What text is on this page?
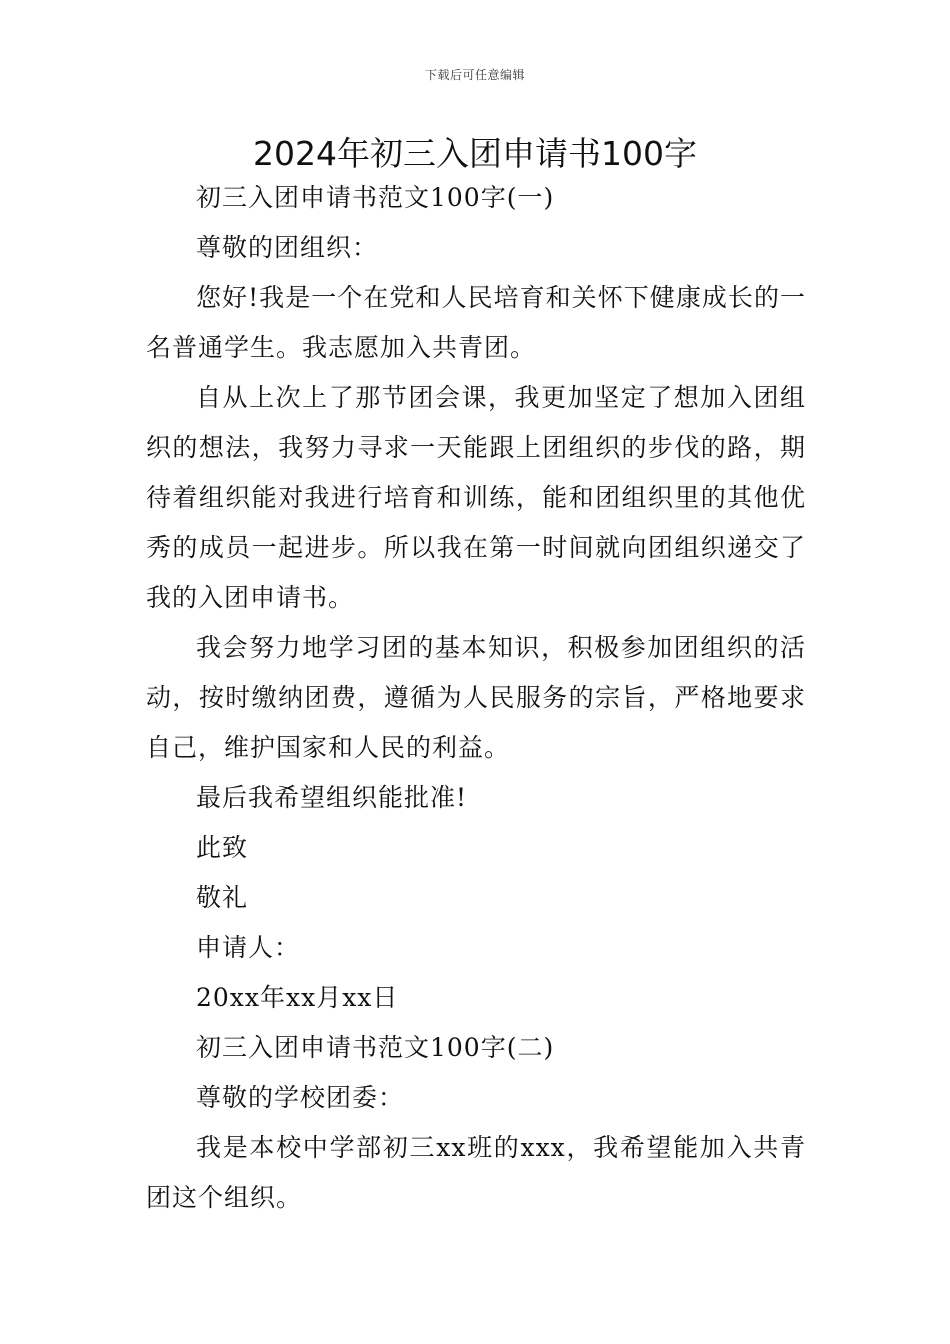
下载后可任意编辑
2024年初三入团申请书100字

初三入团申请书范文100字(一)

尊敬的团组织：

您好!我是一个在党和人民培育和关怀下健康成长的一名普通学生。我志愿加入共青团。

自从上次上了那节团会课，我更加坚定了想加入团组织的想法，我努力寻求一天能跟上团组织的步伐的路，期待着组织能对我进行培育和训练，能和团组织里的其他优秀的成员一起进步。所以我在第一时间就向团组织递交了我的入团申请书。

我会努力地学习团的基本知识，积极参加团组织的活动，按时缴纳团费，遵循为人民服务的宗旨，严格地要求自己，维护国家和人民的利益。

最后我希望组织能批准!

此致

敬礼

申请人：

20xx年xx月xx日

初三入团申请书范文100字(二)

尊敬的学校团委：

我是本校中学部初三xx班的xxx，我希望能加入共青团这个组织。
